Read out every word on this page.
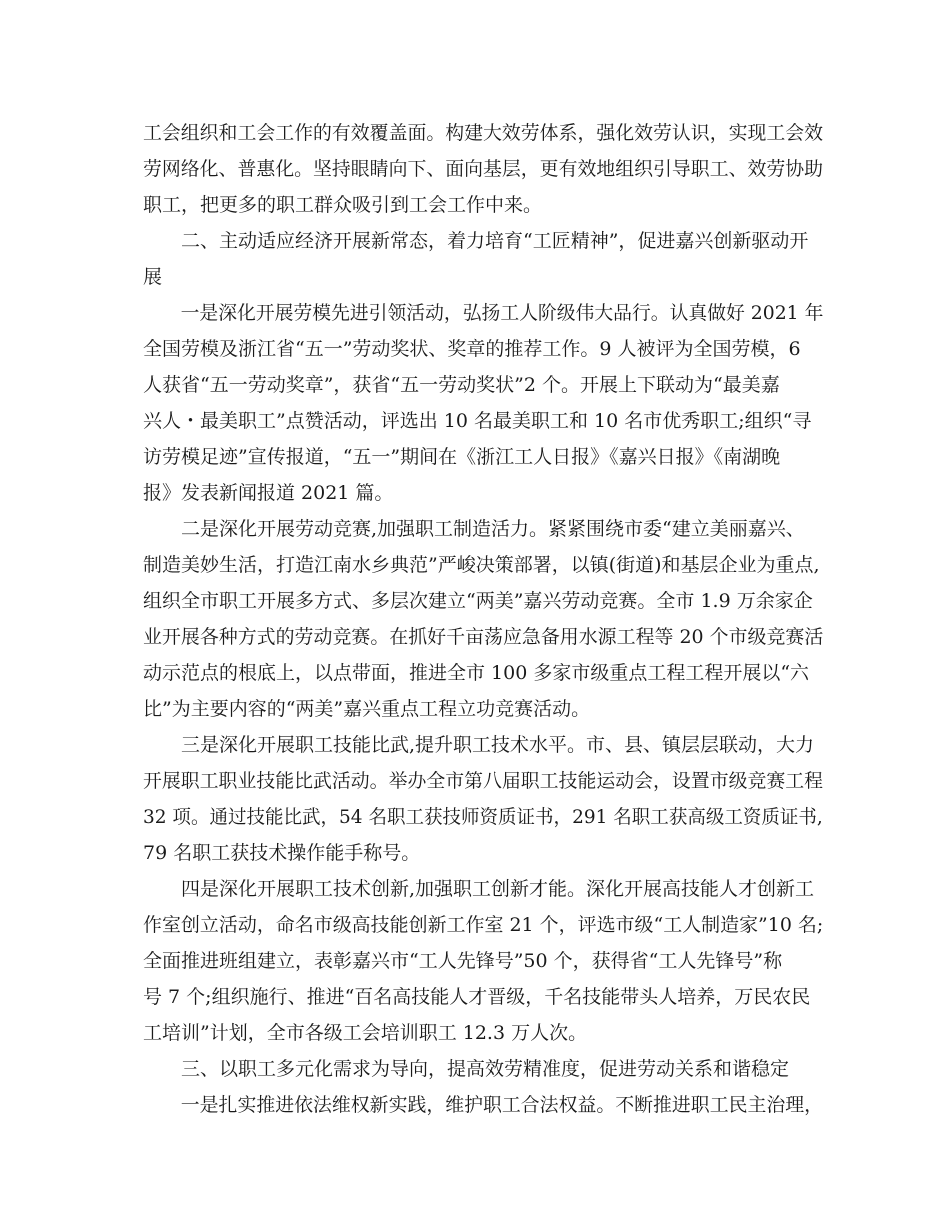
工会组织和工会工作的有效覆盖面。构建大效劳体系，强化效劳认识，实现工会效
劳网络化、普惠化。坚持眼睛向下、面向基层，更有效地组织引导职工、效劳协助
职工，把更多的职工群众吸引到工会工作中来。
　　二、主动适应经济开展新常态，着力培育“工匠精神”，促进嘉兴创新驱动开
展
　　一是深化开展劳模先进引领活动，弘扬工人阶级伟大品行。认真做好 2021 年
全国劳模及浙江省“五一”劳动奖状、奖章的推荐工作。9 人被评为全国劳模，6
人获省“五一劳动奖章”，获省“五一劳动奖状”2 个。开展上下联动为“最美嘉
兴人・最美职工”点赞活动，评选出 10 名最美职工和 10 名市优秀职工;组织“寻
访劳模足迹”宣传报道，“五一”期间在《浙江工人日报》《嘉兴日报》《南湖晚
报》发表新闻报道 2021 篇。
　　二是深化开展劳动竞赛,加强职工制造活力。紧紧围绕市委“建立美丽嘉兴、
制造美妙生活，打造江南水乡典范”严峻决策部署，以镇(街道)和基层企业为重点,
组织全市职工开展多方式、多层次建立“两美”嘉兴劳动竞赛。全市 1.9 万余家企
业开展各种方式的劳动竞赛。在抓好千亩荡应急备用水源工程等 20 个市级竞赛活
动示范点的根底上，以点带面，推进全市 100 多家市级重点工程工程开展以“六
比”为主要内容的“两美”嘉兴重点工程立功竞赛活动。
　　三是深化开展职工技能比武,提升职工技术水平。市、县、镇层层联动，大力
开展职工职业技能比武活动。举办全市第八届职工技能运动会，设置市级竞赛工程
32 项。通过技能比武，54 名职工获技师资质证书，291 名职工获高级工资质证书,
79 名职工获技术操作能手称号。
　　四是深化开展职工技术创新,加强职工创新才能。深化开展高技能人才创新工
作室创立活动，命名市级高技能创新工作室 21 个，评选市级“工人制造家”10 名;
全面推进班组建立，表彰嘉兴市“工人先锋号”50 个，获得省“工人先锋号”称
号 7 个;组织施行、推进“百名高技能人才晋级，千名技能带头人培养，万民农民
工培训”计划，全市各级工会培训职工 12.3 万人次。
　　三、以职工多元化需求为导向，提高效劳精准度，促进劳动关系和谐稳定
　　一是扎实推进依法维权新实践，维护职工合法权益。不断推进职工民主治理，
